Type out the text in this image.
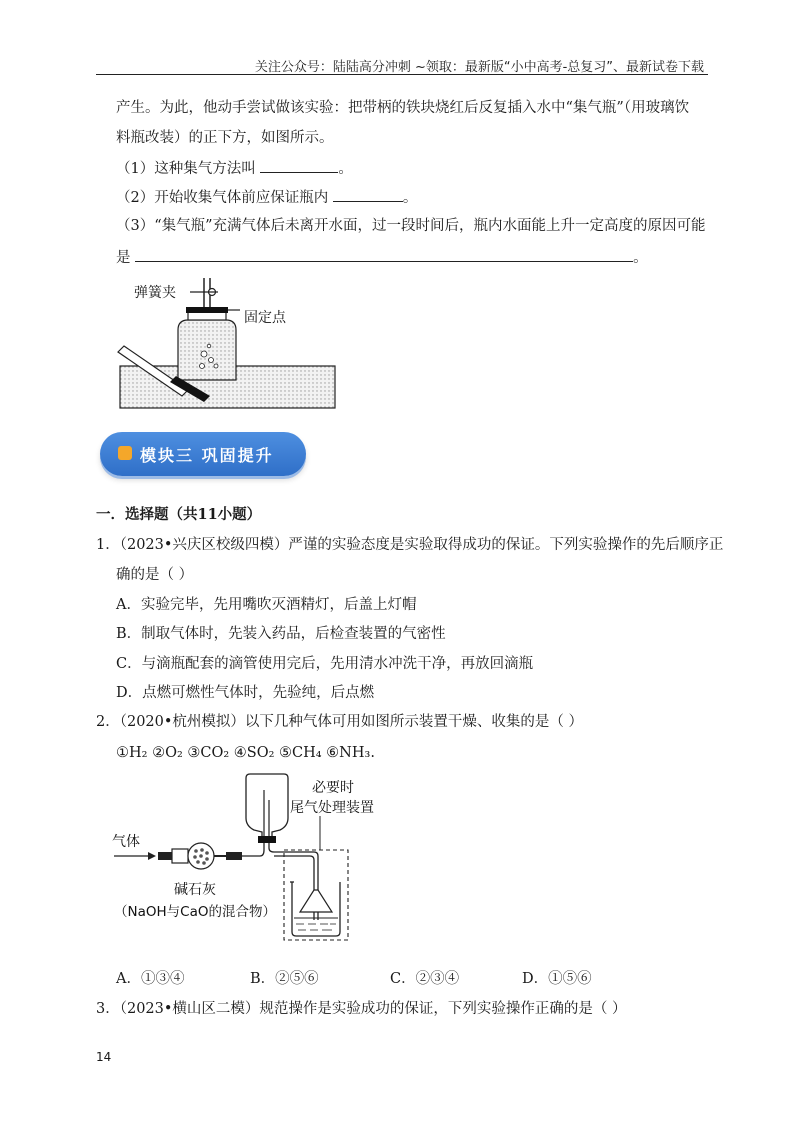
关注公众号：陆陆高分冲刺 ~领取：最新版“小中高考-总复习”、最新试卷下载
产生。为此，他动手尝试做该实验：把带柄的铁块烧红后反复插入水中“集气瓶”（用玻璃饮
料瓶改装）的正下方，如图所示。
（1）这种集气方法叫	。
（2）开始收集气体前应保证瓶内	。
（3）“集气瓶”充满气体后未离开水面，过一段时间后，瓶内水面能上升一定高度的原因可能
是	。
弹簧夹
固定点
模块三 巩固提升
一．选择题（共11小题）
1．（2023•兴庆区校级四模）严谨的实验态度是实验取得成功的保证。下列实验操作的先后顺序正
确的是（ ）
A．实验完毕，先用嘴吹灭酒精灯，后盖上灯帽
B．制取气体时，先装入药品，后检查装置的气密性
C．与滴瓶配套的滴管使用完后，先用清水冲洗干净，再放回滴瓶
D．点燃可燃性气体时，先验纯，后点燃
2．（2020•杭州模拟）以下几种气体可用如图所示装置干燥、收集的是（ ）
①H₂ ②O₂ ③CO₂ ④SO₂ ⑤CH₄ ⑥NH₃.
气体
必要时
尾气处理装置
碱石灰
（NaOH与CaO的混合物）
A．①③④	B．②⑤⑥	C．②③④	D．①⑤⑥
3．（2023•横山区二模）规范操作是实验成功的保证，下列实验操作正确的是（ ）
14
